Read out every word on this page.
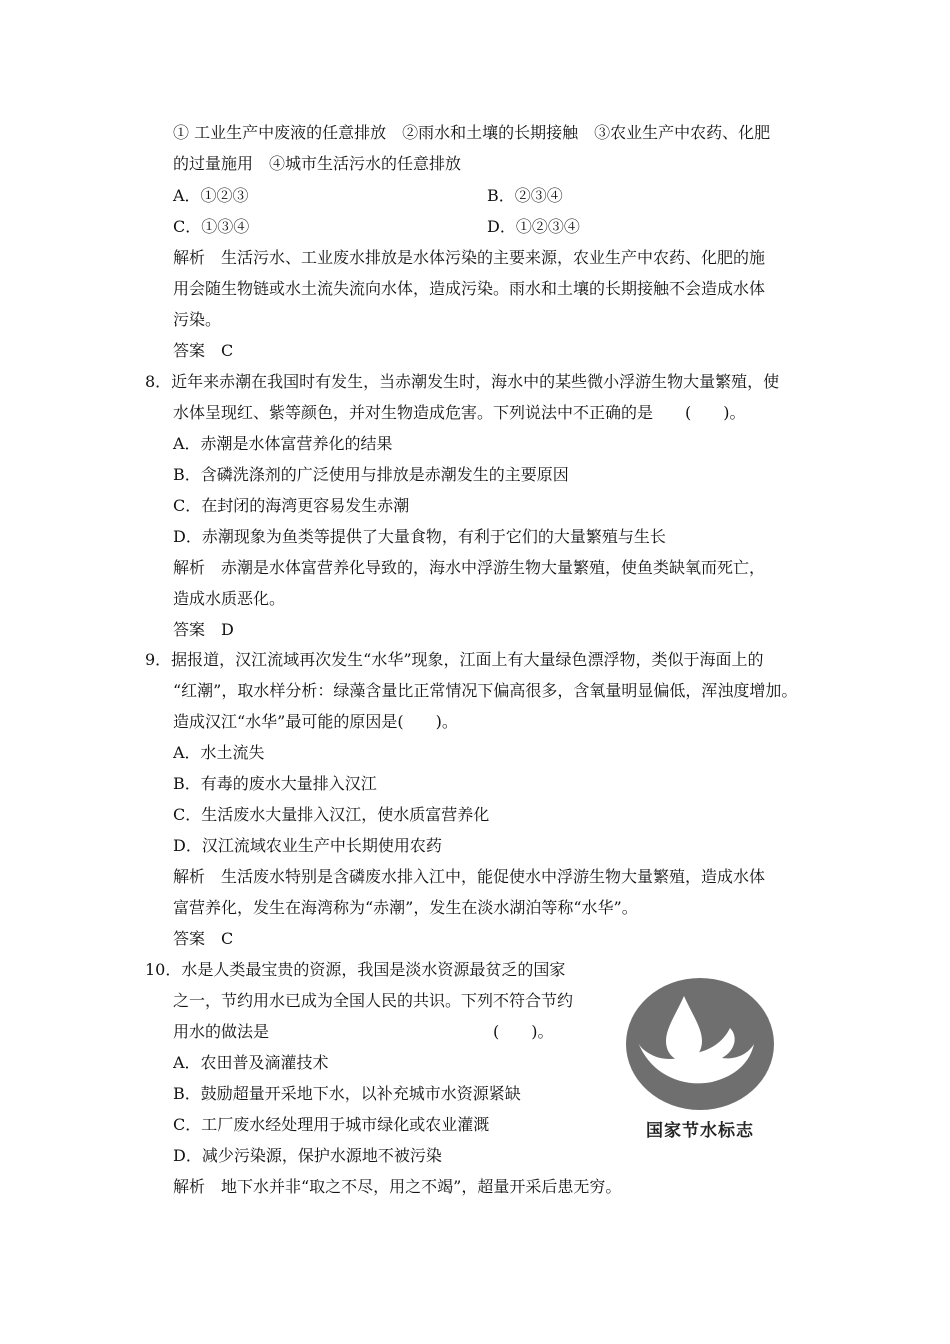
① 工业生产中废液的任意排放　②雨水和土壤的长期接触　③农业生产中农药、化肥
的过量施用　④城市生活污水的任意排放
A．①②③	B．②③④
C．①③④	D．①②③④
解析　生活污水、工业废水排放是水体污染的主要来源，农业生产中农药、化肥的施
用会随生物链或水土流失流向水体，造成污染。雨水和土壤的长期接触不会造成水体
污染。
答案　C
8．近年来赤潮在我国时有发生，当赤潮发生时，海水中的某些微小浮游生物大量繁殖，使
水体呈现红、紫等颜色，并对生物造成危害。下列说法中不正确的是　　(　　)。
A．赤潮是水体富营养化的结果
B．含磷洗涤剂的广泛使用与排放是赤潮发生的主要原因
C．在封闭的海湾更容易发生赤潮
D．赤潮现象为鱼类等提供了大量食物，有利于它们的大量繁殖与生长
解析　赤潮是水体富营养化导致的，海水中浮游生物大量繁殖，使鱼类缺氧而死亡，
造成水质恶化。
答案　D
9．据报道，汉江流域再次发生“水华”现象，江面上有大量绿色漂浮物，类似于海面上的
“红潮”，取水样分析：绿藻含量比正常情况下偏高很多，含氧量明显偏低，浑浊度增加。
造成汉江“水华”最可能的原因是(　　)。
A．水土流失
B．有毒的废水大量排入汉江
C．生活废水大量排入汉江，使水质富营养化
D．汉江流域农业生产中长期使用农药
解析　生活废水特别是含磷废水排入江中，能促使水中浮游生物大量繁殖，造成水体
富营养化，发生在海湾称为“赤潮”，发生在淡水湖泊等称“水华”。
答案　C
10．水是人类最宝贵的资源，我国是淡水资源最贫乏的国家
之一，节约用水已成为全国人民的共识。下列不符合节约
用水的做法是　　　　　　　　　　　　　　(　　)。
A．农田普及滴灌技术
B．鼓励超量开采地下水，以补充城市水资源紧缺
C．工厂废水经处理用于城市绿化或农业灌溉
D．减少污染源，保护水源地不被污染
解析　地下水并非“取之不尽，用之不竭”，超量开采后患无穷。
国家节水标志
